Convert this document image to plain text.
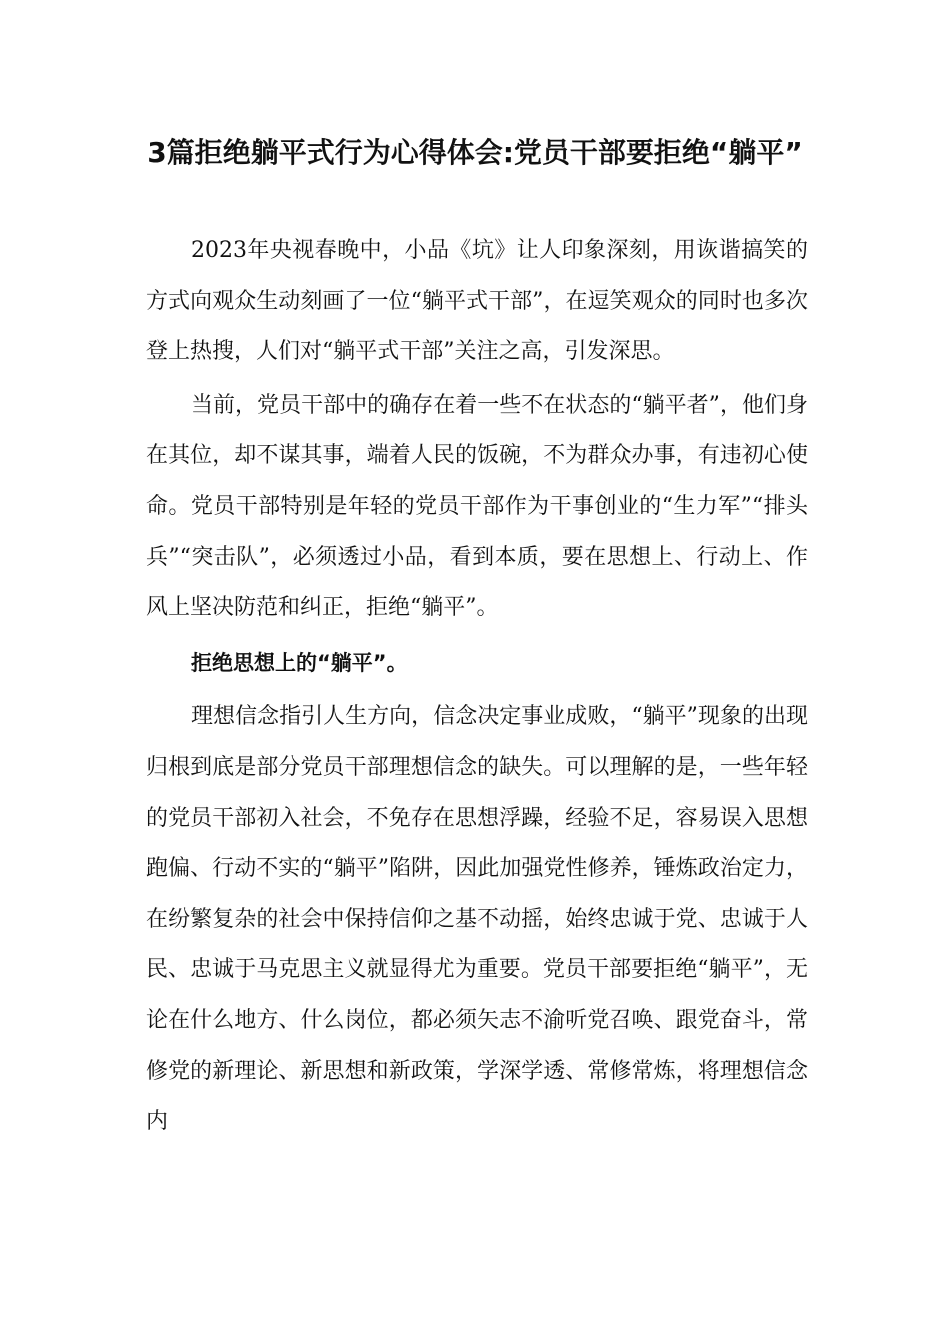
3篇拒绝躺平式行为心得体会:党员干部要拒绝“躺平”

2023年央视春晚中，小品《坑》让人印象深刻，用诙谐搞笑的方式向观众生动刻画了一位“躺平式干部”，在逗笑观众的同时也多次登上热搜，人们对“躺平式干部”关注之高，引发深思。

当前，党员干部中的确存在着一些不在状态的“躺平者”，他们身在其位，却不谋其事，端着人民的饭碗，不为群众办事，有违初心使命。党员干部特别是年轻的党员干部作为干事创业的“生力军”“排头兵”“突击队”，必须透过小品，看到本质，要在思想上、行动上、作风上坚决防范和纠正，拒绝“躺平”。

拒绝思想上的“躺平”。

理想信念指引人生方向，信念决定事业成败，“躺平”现象的出现归根到底是部分党员干部理想信念的缺失。可以理解的是，一些年轻的党员干部初入社会，不免存在思想浮躁，经验不足，容易误入思想跑偏、行动不实的“躺平”陷阱，因此加强党性修养，锤炼政治定力，在纷繁复杂的社会中保持信仰之基不动摇，始终忠诚于党、忠诚于人民、忠诚于马克思主义就显得尤为重要。党员干部要拒绝“躺平”，无论在什么地方、什么岗位，都必须矢志不渝听党召唤、跟党奋斗，常修党的新理论、新思想和新政策，学深学透、常修常炼，将理想信念内
